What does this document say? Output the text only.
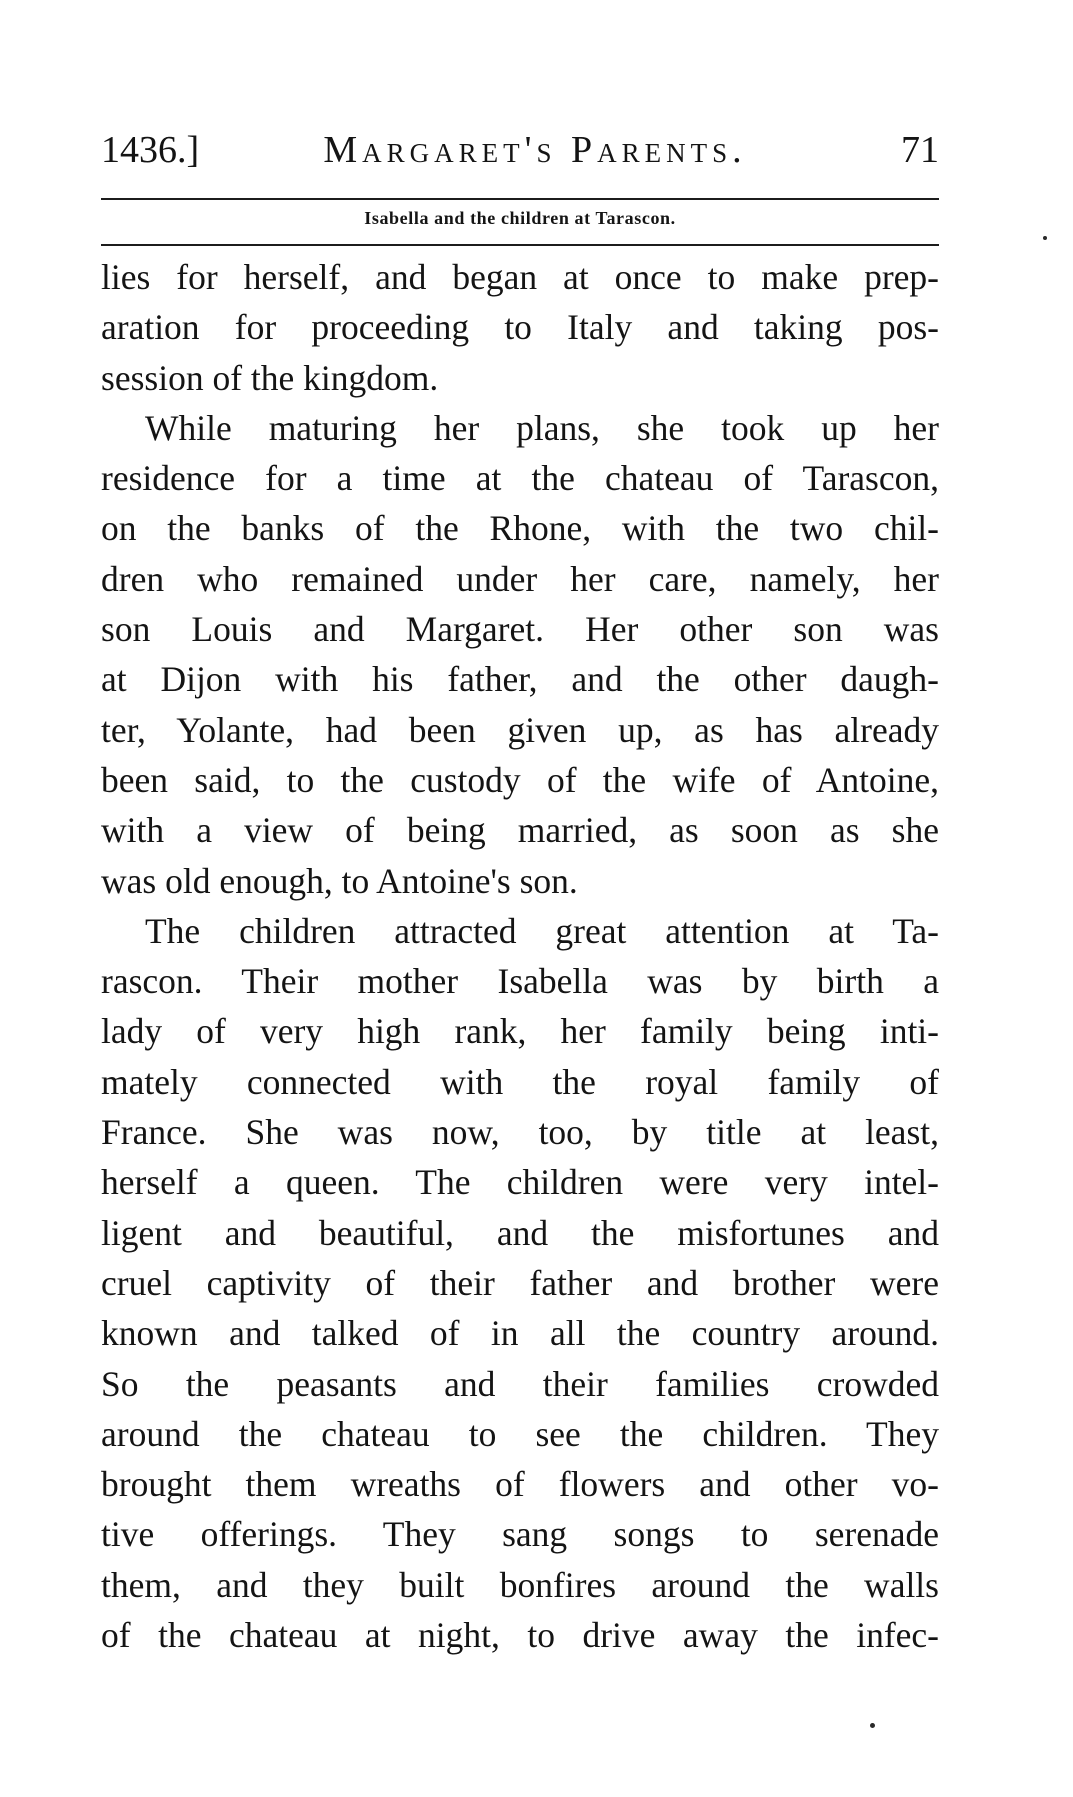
1436.]	Margaret's Parents.	71
Isabella and the children at Tarascon.
lies for herself, and began at once to make prep-
aration for proceeding to Italy and taking pos-
session of the kingdom.
While maturing her plans, she took up her
residence for a time at the chateau of Tarascon,
on the banks of the Rhone, with the two chil-
dren who remained under her care, namely, her
son Louis and Margaret. Her other son was
at Dijon with his father, and the other daugh-
ter, Yolante, had been given up, as has already
been said, to the custody of the wife of Antoine,
with a view of being married, as soon as she
was old enough, to Antoine's son.
The children attracted great attention at Ta-
rascon. Their mother Isabella was by birth a
lady of very high rank, her family being inti-
mately connected with the royal family of
France. She was now, too, by title at least,
herself a queen. The children were very intel-
ligent and beautiful, and the misfortunes and
cruel captivity of their father and brother were
known and talked of in all the country around.
So the peasants and their families crowded
around the chateau to see the children. They
brought them wreaths of flowers and other vo-
tive offerings. They sang songs to serenade
them, and they built bonfires around the walls
of the chateau at night, to drive away the infec-
